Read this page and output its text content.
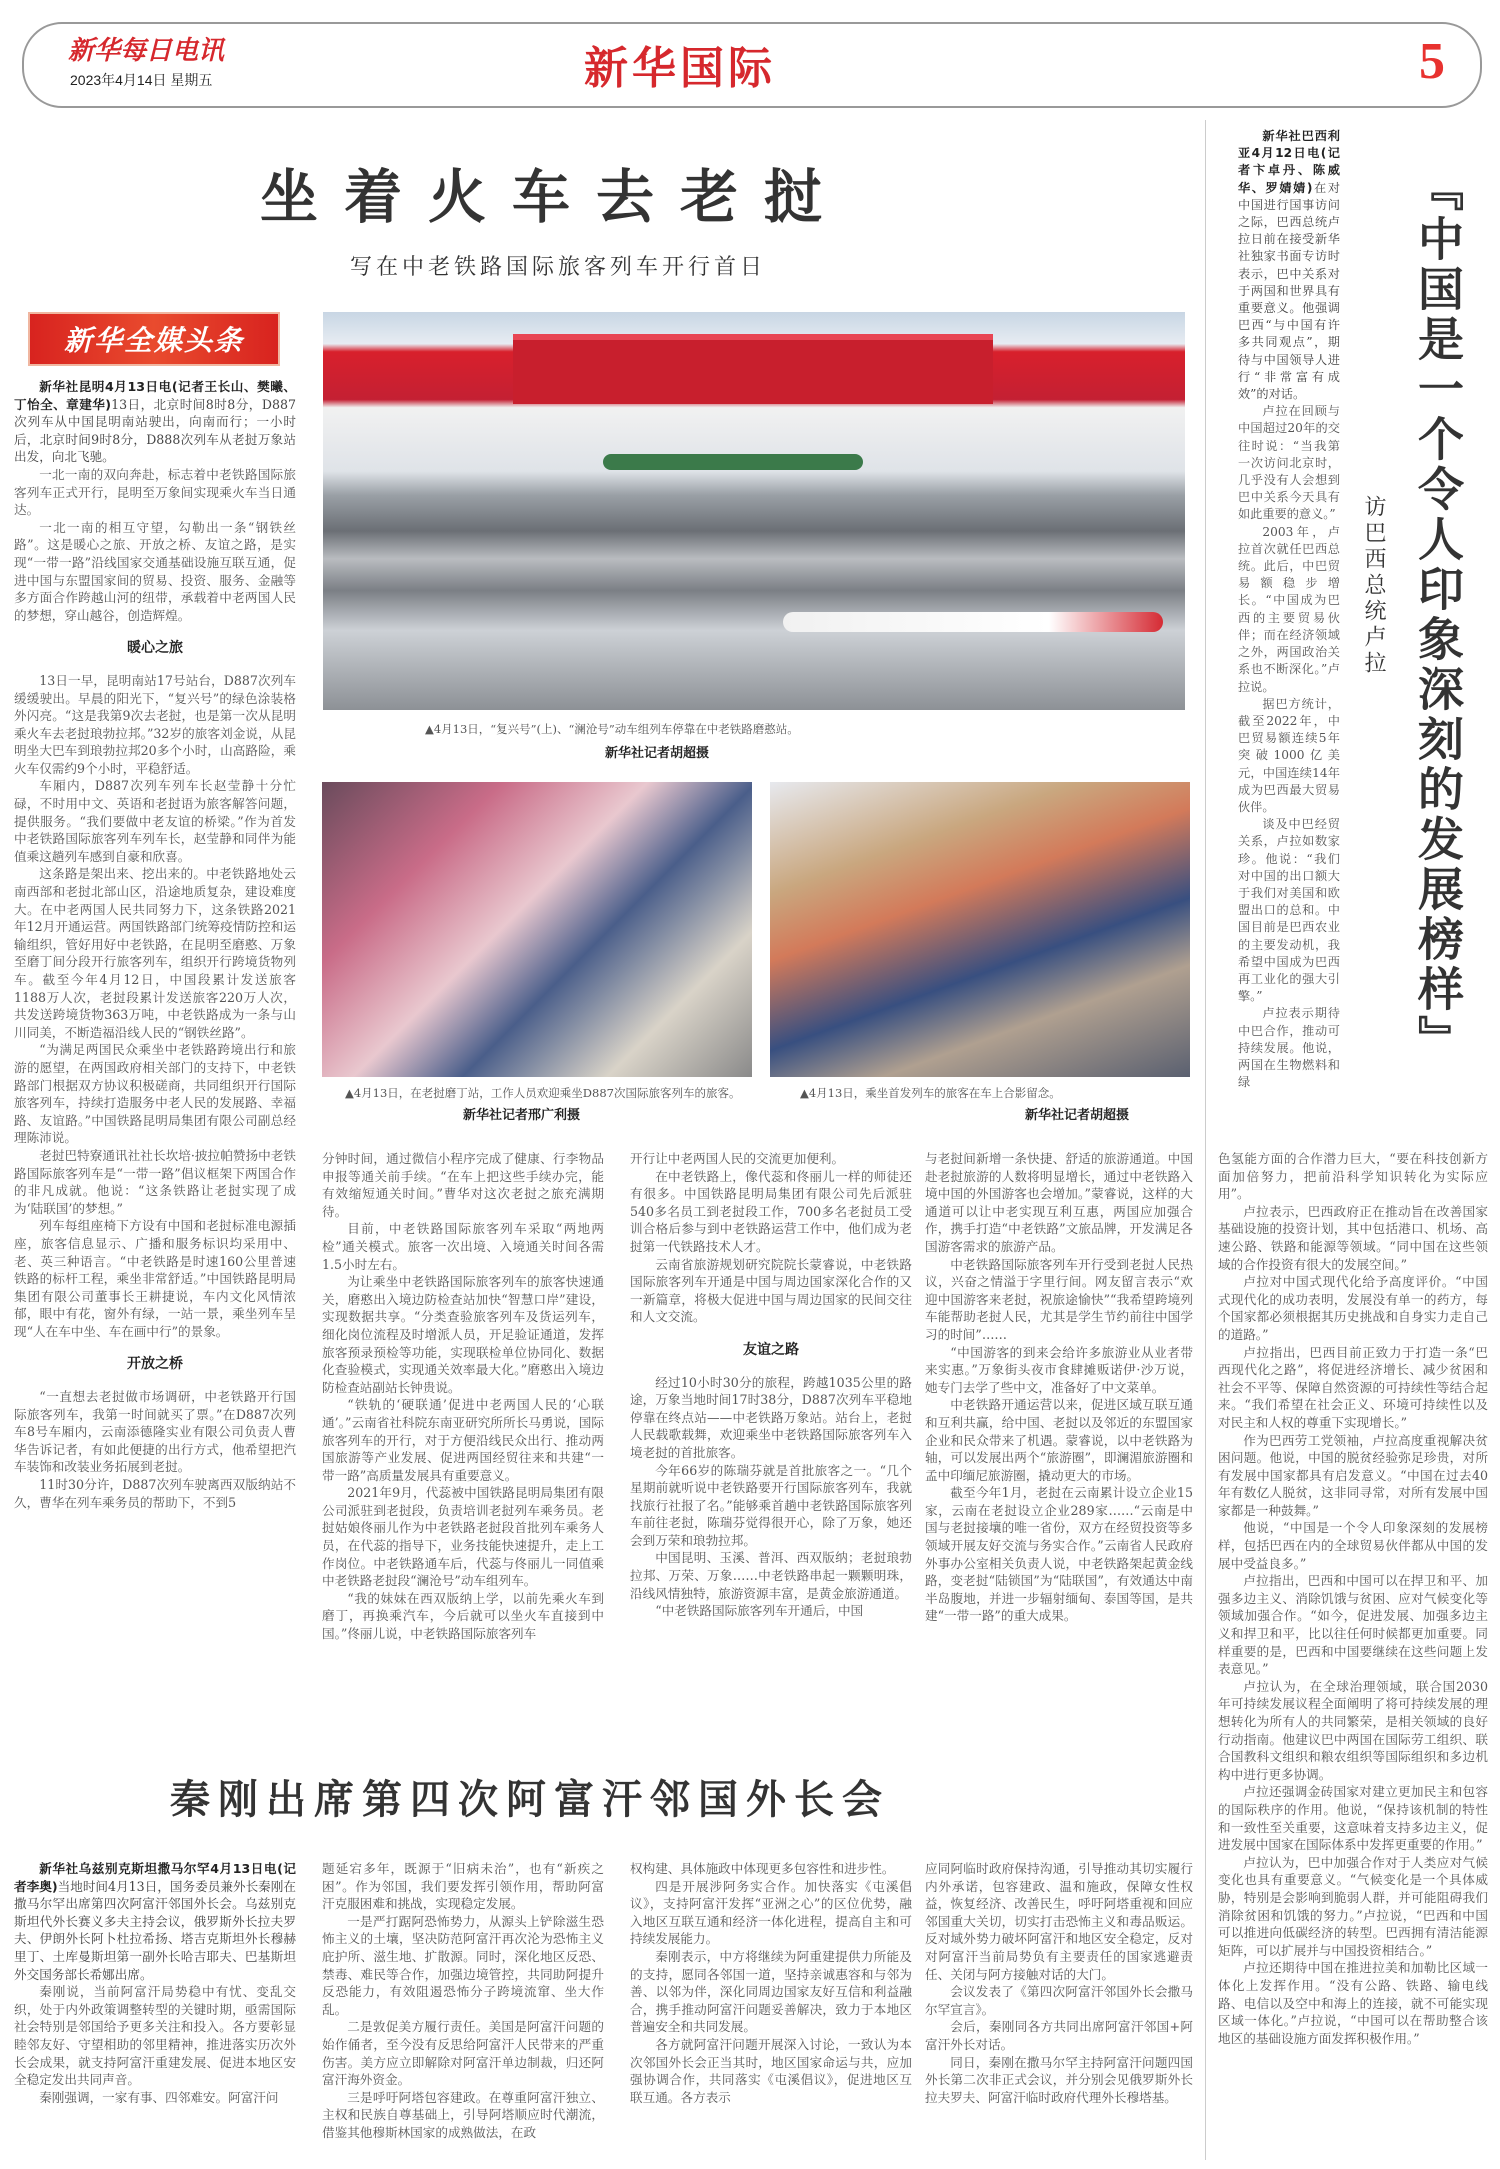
新华每日电讯
2023年4月14日 星期五	新华国际	5
坐着火车去老挝
写在中老铁路国际旅客列车开行首日
新华全媒头条
▲4月13日，“复兴号”(上)、“澜沧号”动车组列车停靠在中老铁路磨憨站。
新华社记者胡超摄
▲4月13日，在老挝磨丁站，工作人员欢迎乘坐D887次国际旅客列车的旅客。
新华社记者邢广利摄
▲4月13日，乘坐首发列车的旅客在车上合影留念。
新华社记者胡超摄

新华社昆明4月13日电(记者王长山、樊曦、丁怡全、章建华)13日，北京时间8时8分，D887次列车从中国昆明南站驶出，向南而行；一小时后，北京时间9时8分，D888次列车从老挝万象站出发，向北飞驰。

一北一南的双向奔赴，标志着中老铁路国际旅客列车正式开行，昆明至万象间实现乘火车当日通达。

一北一南的相互守望，勾勒出一条“钢铁丝路”。这是暖心之旅、开放之桥、友谊之路，是实现“一带一路”沿线国家交通基础设施互联互通，促进中国与东盟国家间的贸易、投资、服务、金融等多方面合作跨越山河的纽带，承载着中老两国人民的梦想，穿山越谷，创造辉煌。

暖心之旅

13日一早，昆明南站17号站台，D887次列车缓缓驶出。早晨的阳光下，“复兴号”的绿色涂装格外闪亮。“这是我第9次去老挝，也是第一次从昆明乘火车去老挝琅勃拉邦。”32岁的旅客刘金说，从昆明坐大巴车到琅勃拉邦20多个小时，山高路险，乘火车仅需约9个小时，平稳舒适。

车厢内，D887次列车列车长赵莹静十分忙碌，不时用中文、英语和老挝语为旅客解答问题，提供服务。“我们要做中老友谊的桥梁。”作为首发中老铁路国际旅客列车列车长，赵莹静和同伴为能值乘这趟列车感到自豪和欣喜。

这条路是架出来、挖出来的。中老铁路地处云南西部和老挝北部山区，沿途地质复杂，建设难度大。在中老两国人民共同努力下，这条铁路2021年12月开通运营。两国铁路部门统筹疫情防控和运输组织，管好用好中老铁路，在昆明至磨憨、万象至磨丁间分段开行旅客列车，组织开行跨境货物列车。截至今年4月12日，中国段累计发送旅客1188万人次，老挝段累计发送旅客220万人次，共发送跨境货物363万吨，中老铁路成为一条与山川同美，不断造福沿线人民的“钢铁丝路”。

“为满足两国民众乘坐中老铁路跨境出行和旅游的愿望，在两国政府相关部门的支持下，中老铁路部门根据双方协议积极磋商，共同组织开行国际旅客列车，持续打造服务中老人民的发展路、幸福路、友谊路。”中国铁路昆明局集团有限公司副总经理陈沛说。

老挝巴特寮通讯社社长坎培·披拉帕赞扬中老铁路国际旅客列车是“一带一路”倡议框架下两国合作的非凡成就。他说：“这条铁路让老挝实现了成为‘陆联国’的梦想。”

列车每组座椅下方设有中国和老挝标准电源插座，旅客信息显示、广播和服务标识均采用中、老、英三种语言。“中老铁路是时速160公里普速铁路的标杆工程，乘坐非常舒适。”中国铁路昆明局集团有限公司董事长王耕捷说，车内文化风情浓郁，眼中有花，窗外有绿，一站一景，乘坐列车呈现“人在车中坐、车在画中行”的景象。

开放之桥

“一直想去老挝做市场调研，中老铁路开行国际旅客列车，我第一时间就买了票。”在D887次列车8号车厢内，云南添德隆实业有限公司负责人曹华告诉记者，有如此便捷的出行方式，他希望把汽车装饰和改装业务拓展到老挝。

11时30分许，D887次列车驶离西双版纳站不久，曹华在列车乘务员的帮助下，不到5

分钟时间，通过微信小程序完成了健康、行李物品申报等通关前手续。“在车上把这些手续办完，能有效缩短通关时间。”曹华对这次老挝之旅充满期待。

目前，中老铁路国际旅客列车采取“两地两检”通关模式。旅客一次出境、入境通关时间各需1.5小时左右。

为让乘坐中老铁路国际旅客列车的旅客快速通关，磨憨出入境边防检查站加快“智慧口岸”建设，实现数据共享。“分类查验旅客列车及货运列车，细化岗位流程及时增派人员，开足验证通道，发挥旅客预录预检等功能，实现联检单位协同化、数据化查验模式，实现通关效率最大化。”磨憨出入境边防检查站副站长钟贵说。

“铁轨的‘硬联通’促进中老两国人民的‘心联通’。”云南省社科院东南亚研究所所长马勇说，国际旅客列车的开行，对于方便沿线民众出行、推动两国旅游等产业发展、促进两国经贸往来和共建“一带一路”高质量发展具有重要意义。

2021年9月，代蕊被中国铁路昆明局集团有限公司派驻到老挝段，负责培训老挝列车乘务员。老挝姑娘佟丽儿作为中老铁路老挝段首批列车乘务人员，在代蕊的指导下，业务技能快速提升，走上工作岗位。中老铁路通车后，代蕊与佟丽儿一同值乘中老铁路老挝段“澜沧号”动车组列车。

“我的妹妹在西双版纳上学，以前先乘火车到磨丁，再换乘汽车，今后就可以坐火车直接到中国。”佟丽儿说，中老铁路国际旅客列车

开行让中老两国人民的交流更加便利。

在中老铁路上，像代蕊和佟丽儿一样的师徒还有很多。中国铁路昆明局集团有限公司先后派驻540多名员工到老挝段工作，700多名老挝员工受训合格后参与到中老铁路运营工作中，他们成为老挝第一代铁路技术人才。

云南省旅游规划研究院院长蒙睿说，中老铁路国际旅客列车开通是中国与周边国家深化合作的又一新篇章，将极大促进中国与周边国家的民间交往和人文交流。

友谊之路

经过10小时30分的旅程，跨越1035公里的路途，万象当地时间17时38分，D887次列车平稳地停靠在终点站——中老铁路万象站。站台上，老挝人民载歌载舞，欢迎乘坐中老铁路国际旅客列车入境老挝的首批旅客。

今年66岁的陈瑞芬就是首批旅客之一。“几个星期前就听说中老铁路要开行国际旅客列车，我就找旅行社报了名。”能够乘首趟中老铁路国际旅客列车前往老挝，陈瑞芬觉得很开心，除了万象，她还会到万荣和琅勃拉邦。

中国昆明、玉溪、普洱、西双版纳；老挝琅勃拉邦、万荣、万象……中老铁路串起一颗颗明珠，沿线风情独特，旅游资源丰富，是黄金旅游通道。

“中老铁路国际旅客列车开通后，中国

与老挝间新增一条快捷、舒适的旅游通道。中国赴老挝旅游的人数将明显增长，通过中老铁路入境中国的外国游客也会增加。”蒙睿说，这样的大通道可以让中老实现互利互惠，两国应加强合作，携手打造“中老铁路”文旅品牌，开发满足各国游客需求的旅游产品。

中老铁路国际旅客列车开行受到老挝人民热议，兴奋之情溢于字里行间。网友留言表示“欢迎中国游客来老挝，祝旅途愉快”“我希望跨境列车能帮助老挝人民，尤其是学生节约前往中国学习的时间”……

“中国游客的到来会给许多旅游业从业者带来实惠。”万象街头夜市食肆摊贩诺伊·沙万说，她专门去学了些中文，准备好了中文菜单。

中老铁路开通运营以来，促进区域互联互通和互利共赢，给中国、老挝以及邻近的东盟国家企业和民众带来了机遇。蒙睿说，以中老铁路为轴，可以发展出两个“旅游圈”，即澜湄旅游圈和孟中印缅尼旅游圈，撬动更大的市场。

截至今年1月，老挝在云南累计设立企业15家，云南在老挝设立企业289家……“云南是中国与老挝接壤的唯一省份，双方在经贸投资等多领域开展友好交流与务实合作。”云南省人民政府外事办公室相关负责人说，中老铁路架起黄金线路，变老挝“陆锁国”为“陆联国”，有效通达中南半岛腹地，并进一步辐射缅甸、泰国等国，是共建“一带一路”的重大成果。

新华社巴西利亚4月12日电(记者卞卓丹、陈威华、罗婧婧)在对中国进行国事访问之际，巴西总统卢拉日前在接受新华社独家书面专访时表示，巴中关系对于两国和世界具有重要意义。他强调巴西“与中国有许多共同观点”，期待与中国领导人进行“非常富有成效”的对话。

卢拉在回顾与中国超过20年的交往时说：“当我第一次访问北京时，几乎没有人会想到巴中关系今天具有如此重要的意义。”

2003年，卢拉首次就任巴西总统。此后，中巴贸易额稳步增长。“中国成为巴西的主要贸易伙伴；而在经济领域之外，两国政治关系也不断深化。”卢拉说。

据巴方统计，截至2022年，中巴贸易额连续5年突破1000亿美元，中国连续14年成为巴西最大贸易伙伴。

谈及中巴经贸关系，卢拉如数家珍。他说：“我们对中国的出口额大于我们对美国和欧盟出口的总和。中国目前是巴西农业的主要发动机，我希望中国成为巴西再工业化的强大引擎。”

卢拉表示期待中巴合作，推动可持续发展。他说，两国在生物燃料和绿

『中国是一个令人印象深刻的发展榜样』
访巴西总统卢拉

色氢能方面的合作潜力巨大，“要在科技创新方面加倍努力，把前沿科学知识转化为实际应用”。

卢拉表示，巴西政府正在推动旨在改善国家基础设施的投资计划，其中包括港口、机场、高速公路、铁路和能源等领域。“同中国在这些领域的合作投资有很大的发展空间。”

卢拉对中国式现代化给予高度评价。“中国式现代化的成功表明，发展没有单一的药方，每个国家都必须根据其历史挑战和自身实力走自己的道路。”

卢拉指出，巴西目前正致力于打造一条“巴西现代化之路”，将促进经济增长、减少贫困和社会不平等、保障自然资源的可持续性等结合起来。“我们希望在社会正义、环境可持续性以及对民主和人权的尊重下实现增长。”

作为巴西劳工党领袖，卢拉高度重视解决贫困问题。他说，中国的脱贫经验弥足珍贵，对所有发展中国家都具有启发意义。“中国在过去40年有数亿人脱贫，这非同寻常，对所有发展中国家都是一种鼓舞。”

他说，“中国是一个令人印象深刻的发展榜样，包括巴西在内的全球贸易伙伴都从中国的发展中受益良多。”

卢拉指出，巴西和中国可以在捍卫和平、加强多边主义、消除饥饿与贫困、应对气候变化等领域加强合作。“如今，促进发展、加强多边主义和捍卫和平，比以往任何时候都更加重要。同样重要的是，巴西和中国要继续在这些问题上发表意见。”

卢拉认为，在全球治理领域，联合国2030年可持续发展议程全面阐明了将可持续发展的理想转化为所有人的共同繁荣，是相关领域的良好行动指南。他建议巴中两国在国际劳工组织、联合国教科文组织和粮农组织等国际组织和多边机构中进行更多协调。

卢拉还强调金砖国家对建立更加民主和包容的国际秩序的作用。他说，“保持该机制的特性和一致性至关重要，这意味着支持多边主义，促进发展中国家在国际体系中发挥更重要的作用。”

卢拉认为，巴中加强合作对于人类应对气候变化也具有重要意义。“气候变化是一个具体威胁，特别是会影响到脆弱人群，并可能阻碍我们消除贫困和饥饿的努力。”卢拉说，“巴西和中国可以推进向低碳经济的转型。巴西拥有清洁能源矩阵，可以扩展并与中国投资相结合。”

卢拉还期待中国在推进拉美和加勒比区域一体化上发挥作用。“没有公路、铁路、输电线路、电信以及空中和海上的连接，就不可能实现区域一体化。”卢拉说，“中国可以在帮助整合该地区的基础设施方面发挥积极作用。”

秦刚出席第四次阿富汗邻国外长会

新华社乌兹别克斯坦撒马尔罕4月13日电(记者李奥)当地时间4月13日，国务委员兼外长秦刚在撒马尔罕出席第四次阿富汗邻国外长会。乌兹别克斯坦代外长赛义多夫主持会议，俄罗斯外长拉夫罗夫、伊朗外长阿卜杜拉希扬、塔吉克斯坦外长穆赫里丁、土库曼斯坦第一副外长哈吉耶夫、巴基斯坦外交国务部长希娜出席。

秦刚说，当前阿富汗局势稳中有忧、变乱交织，处于内外政策调整转型的关键时期，亟需国际社会特别是邻国给予更多关注和投入。各方要彰显睦邻友好、守望相助的邻里精神，推进落实历次外长会成果，就支持阿富汗重建发展、促进本地区安全稳定发出共同声音。

秦刚强调，一家有事、四邻难安。阿富汗问

题延宕多年，既源于“旧病未治”，也有“新疾之困”。作为邻国，我们要发挥引领作用，帮助阿富汗克服困难和挑战，实现稳定发展。

一是严打踞阿恐怖势力，从源头上铲除滋生恐怖主义的土壤，坚决防范阿富汗再次沦为恐怖主义庇护所、滋生地、扩散源。同时，深化地区反恐、禁毒、难民等合作，加强边境管控，共同助阿提升反恐能力，有效阻遏恐怖分子跨境流窜、坐大作乱。

二是敦促美方履行责任。美国是阿富汗问题的始作俑者，至今没有反思给阿富汗人民带来的严重伤害。美方应立即解除对阿富汗单边制裁，归还阿富汗海外资金。

三是呼吁阿塔包容建政。在尊重阿富汗独立、主权和民族自尊基础上，引导阿塔顺应时代潮流，借鉴其他穆斯林国家的成熟做法，在政

权构建、具体施政中体现更多包容性和进步性。

四是开展涉阿务实合作。加快落实《屯溪倡议》，支持阿富汗发挥“亚洲之心”的区位优势，融入地区互联互通和经济一体化进程，提高自主和可持续发展能力。

秦刚表示，中方将继续为阿重建提供力所能及的支持，愿同各邻国一道，坚持亲诚惠容和与邻为善、以邻为伴，深化同周边国家友好互信和利益融合，携手推动阿富汗问题妥善解决，致力于本地区普遍安全和共同发展。

各方就阿富汗问题开展深入讨论，一致认为本次邻国外长会正当其时，地区国家命运与共，应加强协调合作，共同落实《屯溪倡议》，促进地区互联互通。各方表示

应同阿临时政府保持沟通，引导推动其切实履行内外承诺，包容建政、温和施政，保障女性权益，恢复经济、改善民生，呼吁阿塔重视和回应邻国重大关切，切实打击恐怖主义和毒品贩运。反对域外势力破坏阿富汗和地区安全稳定，反对对阿富汗当前局势负有主要责任的国家逃避责任、关闭与阿方接触对话的大门。

会议发表了《第四次阿富汗邻国外长会撒马尔罕宣言》。

会后，秦刚同各方共同出席阿富汗邻国+阿富汗外长对话。

同日，秦刚在撒马尔罕主持阿富汗问题四国外长第二次非正式会议，并分别会见俄罗斯外长拉夫罗夫、阿富汗临时政府代理外长穆塔基。
